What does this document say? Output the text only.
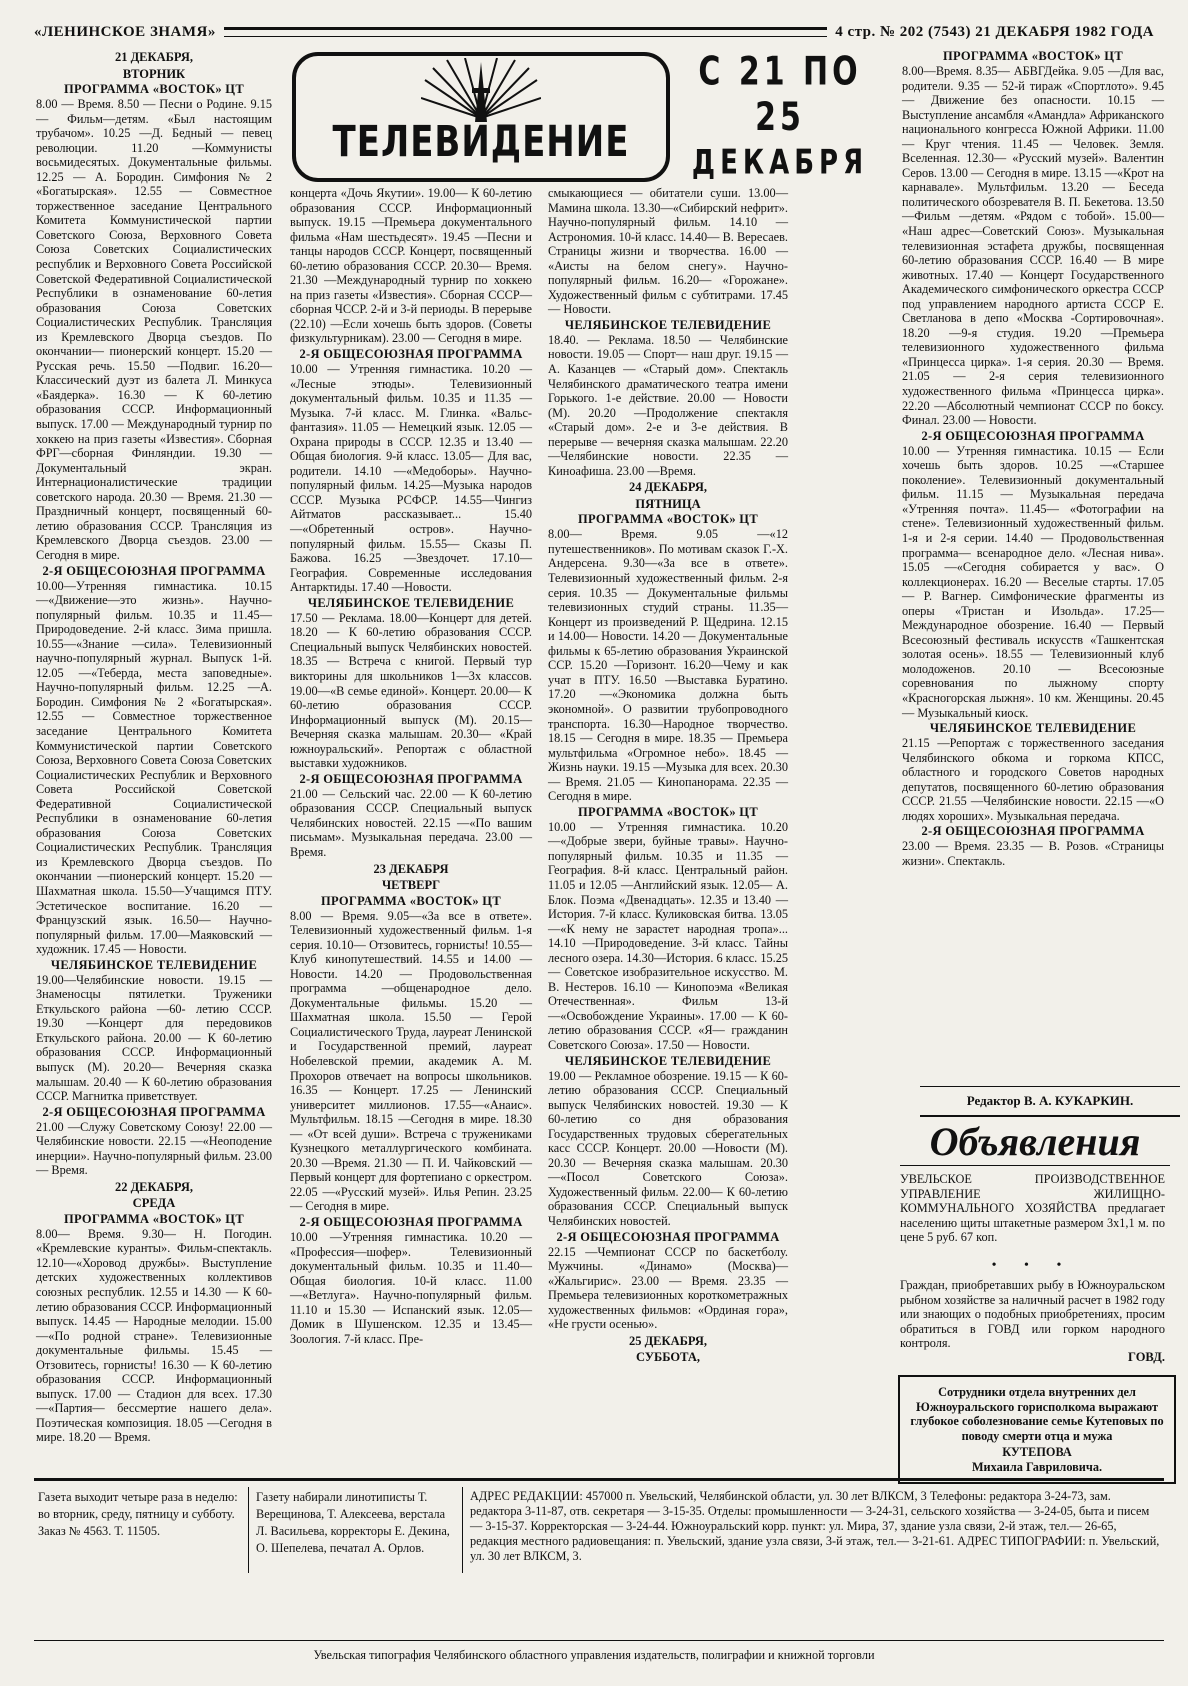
«ЛЕНИНСКОЕ ЗНАМЯ»	4 стр. № 202 (7543) 21 ДЕКАБРЯ 1982 ГОДА
ТЕЛЕВИДЕНИЕ
С 21 ПО 25
ДЕКАБРЯ
21 ДЕКАБРЯ,
ВТОРНИК
ПРОГРАММА «ВОСТОК» ЦТ

8.00 — Время. 8.50 — Песни о Родине. 9.15 — Фильм—детям. «Был настоящим трубачом». 10.25 —Д. Бедный — певец революции. 11.20 —Коммунисты восьмидесятых. Документальные фильмы. 12.25 — А. Бородин. Симфония № 2 «Богатырская». 12.55 — Совместное торжественное заседание Центрального Комитета Коммунистической партии Советского Союза, Верховного Совета Союза Советских Социалистических республик и Верховного Совета Российской Советской Федеративной Социалистической Республики в ознаменование 60-летия образования Союза Советских Социалистических Республик. Трансляция из Кремлевского Дворца съездов. По окончании— пионерский концерт. 15.20 —Русская речь. 15.50 —Подвиг. 16.20— Классический дуэт из балета Л. Минкуса «Баядерка». 16.30 — К 60-летию образования СССР. Информационный выпуск. 17.00 — Международный турнир по хоккею на приз газеты «Известия». Сборная ФРГ—сборная Финляндии. 19.30 —Документальный экран. Интернационалистические традиции советского народа. 20.30 — Время. 21.30 —Праздничный концерт, посвященный 60-летию образования СССР. Трансляция из Кремлевского Дворца съездов. 23.00 — Сегодня в мире.

2-Я ОБЩЕСОЮЗНАЯ ПРОГРАММА

10.00—Утренняя гимнастика. 10.15 —«Движение—это жизнь». Научно-популярный фильм. 10.35 и 11.45— Природоведение. 2-й класс. Зима пришла. 10.55—«Знание —сила». Телевизионный научно-популярный журнал. Выпуск 1-й. 12.05 —«Теберда, места заповедные». Научно-популярный фильм. 12.25 —А. Бородин. Симфония № 2 «Богатырская». 12.55 — Совместное торжественное заседание Центрального Комитета Коммунистической партии Советского Союза, Верховного Совета Союза Советских Социалистических Республик и Верховного Совета Российской Советской Федеративной Социалистической Республики в ознаменование 60-летия образования Союза Советских Социалистических Республик. Трансляция из Кремлевского Дворца съездов. По окончании —пионерский концерт. 15.20 —Шахматная школа. 15.50—Учащимся ПТУ. Эстетическое воспитание. 16.20 —Французский язык. 16.50— Научно-популярный фильм. 17.00—Маяковский —художник. 17.45 — Новости.

ЧЕЛЯБИНСКОЕ ТЕЛЕВИДЕНИЕ

19.00—Челябинские новости. 19.15 —Знаменосцы пятилетки. Труженики Еткульского района —60- летию СССР. 19.30 —Концерт для передовиков Еткульского района. 20.00 — К 60-летию образования СССР. Информационный выпуск (М). 20.20— Вечерняя сказка малышам. 20.40 — К 60-летию образования СССР. Магнитка приветствует.

2-Я ОБЩЕСОЮЗНАЯ ПРОГРАММА

21.00 —Служу Советскому Союзу! 22.00 —Челябинские новости. 22.15 —«Неоподение инерции». Научно-популярный фильм. 23.00 — Время.

22 ДЕКАБРЯ,
СРЕДА
ПРОГРАММА «ВОСТОК» ЦТ

8.00— Время. 9.30— Н. Погодин. «Кремлевские куранты». Фильм-спектакль. 12.10—«Хоровод дружбы». Выступление детских художественных коллективов союзных республик. 12.55 и 14.30 — К 60-летию образования СССР. Информационный выпуск. 14.45 — Народные мелодии. 15.00 —«По родной стране». Телевизионные документальные фильмы. 15.45 —Отзовитесь, горнисты! 16.30 — К 60-летию образования СССР. Информационный выпуск. 17.00 — Стадион для всех. 17.30—«Партия— бессмертие нашего дела». Поэтическая композиция. 18.05 —Сегодня в мире. 18.20 — Время.

концерта «Дочь Якутии». 19.00— К 60-летию образования СССР. Информационный выпуск. 19.15 —Премьера документального фильма «Нам шестьдесят». 19.45 —Песни и танцы народов СССР. Концерт, посвященный 60-летию образования СССР. 20.30— Время. 21.30 —Международный турнир по хоккею на приз газеты «Известия». Сборная СССР— сборная ЧССР. 2-й и 3-й периоды. В перерыве (22.10) —Если хочешь быть здоров. (Советы физкультурникам). 23.00 — Сегодня в мире.

2-Я ОБЩЕСОЮЗНАЯ ПРОГРАММА

10.00 — Утренняя гимнастика. 10.20 — «Лесные этюды». Телевизионный документальный фильм. 10.35 и 11.35 — Музыка. 7-й класс. М. Глинка. «Вальс-фантазия». 11.05 — Немецкий язык. 12.05 —Охрана природы в СССР. 12.35 и 13.40 — Общая биология. 9-й класс. 13.05— Для вас, родители. 14.10 —«Медоборы». Научно-популярный фильм. 14.25—Музыка народов СССР. Музыка РСФСР. 14.55—Чингиз Айтматов рассказывает... 15.40—«Обретенный остров». Научно-популярный фильм. 15.55— Сказы П. Бажова. 16.25 —Звездочет. 17.10— География. Современные исследования Антарктиды. 17.40 —Новости.

ЧЕЛЯБИНСКОЕ ТЕЛЕВИДЕНИЕ

17.50 — Реклама. 18.00—Концерт для детей. 18.20 — К 60-летию образования СССР. Специальный выпуск Челябинских новостей. 18.35 — Встреча с книгой. Первый тур викторины для школьников 1—3х классов. 19.00—«В семье единой». Концерт. 20.00— К 60-летию образования СССР. Информационный выпуск (М). 20.15—Вечерняя сказка малышам. 20.30— «Край южноуральский». Репортаж с областной выставки художников.

2-Я ОБЩЕСОЮЗНАЯ ПРОГРАММА

21.00 — Сельский час. 22.00 — К 60-летию образования СССР. Специальный выпуск Челябинских новостей. 22.15 —«По вашим письмам». Музыкальная передача. 23.00 —Время.

23 ДЕКАБРЯ
ЧЕТВЕРГ
ПРОГРАММА «ВОСТОК» ЦТ

8.00 — Время. 9.05—«За все в ответе». Телевизионный художественный фильм. 1-я серия. 10.10— Отзовитесь, горнисты! 10.55—Клуб кинопутешествий. 14.55 и 14.00 — Новости. 14.20 — Продовольственная программа —общенародное дело. Документальные фильмы. 15.20 — Шахматная школа. 15.50 — Герой Социалистического Труда, лауреат Ленинской и Государственной премий, лауреат Нобелевской премии, академик А. М. Прохоров отвечает на вопросы школьников. 16.35 — Концерт. 17.25 — Ленинский университет миллионов. 17.55—«Анаис». Мультфильм. 18.15 —Сегодня в мире. 18.30— «От всей души». Встреча с тружениками Кузнецкого металлургического комбината. 20.30 —Время. 21.30 — П. И. Чайковский —Первый концерт для фортепиано с оркестром. 22.05 —«Русский музей». Илья Репин. 23.25 — Сегодня в мире.

2-Я ОБЩЕСОЮЗНАЯ ПРОГРАММА

10.00 —Утренняя гимнастика. 10.20 — «Профессия—шофер». Телевизионный документальный фильм. 10.35 и 11.40— Общая биология. 10-й класс. 11.00—«Ветлуга». Научно-популярный фильм. 11.10 и 15.30 — Испанский язык. 12.05—Домик в Шушенском. 12.35 и 13.45—Зоология. 7-й класс. Пре-

смыкающиеся — обитатели суши. 13.00—Мамина школа. 13.30—«Сибирский нефрит». Научно-популярный фильм. 14.10 —Астрономия. 10-й класс. 14.40— В. Вересаев. Страницы жизни и творчества. 16.00 — «Аисты на белом снегу». Научно-популярный фильм. 16.20— «Горожане». Художественный фильм с субтитрами. 17.45 — Новости.

ЧЕЛЯБИНСКОЕ ТЕЛЕВИДЕНИЕ

18.40. — Реклама. 18.50 — Челябинские новости. 19.05 — Спорт— наш друг. 19.15 —А. Казанцев — «Старый дом». Спектакль Челябинского драматического театра имени Горького. 1-е действие. 20.00 — Новости (М). 20.20 —Продолжение спектакля «Старый дом». 2-е и 3-е действия. В перерыве — вечерняя сказка малышам. 22.20 —Челябинские новости. 22.35 — Киноафиша. 23.00 —Время.

24 ДЕКАБРЯ,
ПЯТНИЦА
ПРОГРАММА «ВОСТОК» ЦТ

8.00— Время. 9.05 —«12 путешественников». По мотивам сказок Г.-Х. Андерсена. 9.30—«За все в ответе». Телевизионный художественный фильм. 2-я серия. 10.35 — Документальные фильмы телевизионных студий страны. 11.35— Концерт из произведений Р. Щедрина. 12.15 и 14.00— Новости. 14.20 — Документальные фильмы к 65-летию образования Украинской ССР. 15.20 —Горизонт. 16.20—Чему и как учат в ПТУ. 16.50 —Выставка Буратино. 17.20 —«Экономика должна быть экономной». О развитии трубопроводного транспорта. 16.30—Народное творчество. 18.15 — Сегодня в мире. 18.35 — Премьера мультфильма «Огромное небо». 18.45 — Жизнь науки. 19.15 —Музыка для всех. 20.30— Время. 21.05 — Кинопанорама. 22.35 — Сегодня в мире.

ПРОГРАММА «ВОСТОК» ЦТ

10.00 — Утренняя гимнастика. 10.20 —«Добрые звери, буйные травы». Научно-популярный фильм. 10.35 и 11.35 — География. 8-й класс. Центральный район. 11.05 и 12.05 —Английский язык. 12.05— А. Блок. Поэма «Двенадцать». 12.35 и 13.40 —История. 7-й класс. Куликовская битва. 13.05—«К нему не зарастет народная тропа»... 14.10 —Природоведение. 3-й класс. Тайны лесного озера. 14.30—История. 6 класс. 15.25— Советское изобразительное искусство. М. В. Нестеров. 16.10 — Кинопоэма «Великая Отечественная». Фильм 13-й —«Освобождение Украины». 17.00 — К 60-летию образования СССР. «Я— гражданин Советского Союза». 17.50 — Новости.

ЧЕЛЯБИНСКОЕ ТЕЛЕВИДЕНИЕ

19.00 — Рекламное обозрение. 19.15 — К 60-летию образования СССР. Специальный выпуск Челябинских новостей. 19.30 — К 60-летию со дня образования Государственных трудовых сберегательных касс СССР. Концерт. 20.00 —Новости (М). 20.30 — Вечерняя сказка малышам. 20.30 —«Посол Советского Союза». Художественный фильм. 22.00— К 60-летию образования СССР. Специальный выпуск Челябинских новостей.

2-Я ОБЩЕСОЮЗНАЯ ПРОГРАММА

22.15 —Чемпионат СССР по баскетболу. Мужчины. «Динамо» (Москва)— «Жальгирис». 23.00 — Время. 23.35 — Премьера телевизионных короткометражных художественных фильмов: «Ординая гора», «Не грусти осенью».

25 ДЕКАБРЯ,
СУББОТА,
ПРОГРАММА «ВОСТОК» ЦТ

8.00—Время. 8.35— АБВГДейка. 9.05 —Для вас, родители. 9.35 — 52-й тираж «Спортлото». 9.45 — Движение без опасности. 10.15 — Выступление ансамбля «Амандла» Африканского национального конгресса Южной Африки. 11.00 — Круг чтения. 11.45 — Человек. Земля. Вселенная. 12.30— «Русский музей». Валентин Серов. 13.00 — Сегодня в мире. 13.15 —«Крот на карнавале». Мультфильм. 13.20 — Беседа политического обозревателя В. П. Бекетова. 13.50—Фильм —детям. «Рядом с тобой». 15.00— «Наш адрес—Советский Союз». Музыкальная телевизионная эстафета дружбы, посвященная 60-летию образования СССР. 16.40 — В мире животных. 17.40 — Концерт Государственного Академического симфонического оркестра СССР под управлением народного артиста СССР Е. Светланова в депо «Москва -Сортировочная». 18.20 —9-я студия. 19.20 —Премьера телевизионного художественного фильма «Принцесса цирка». 1-я серия. 20.30 — Время. 21.05 — 2-я серия телевизионного художественного фильма «Принцесса цирка». 22.20 —Абсолютный чемпионат СССР по боксу. Финал. 23.00 — Новости.

2-Я ОБЩЕСОЮЗНАЯ ПРОГРАММА

10.00 — Утренняя гимнастика. 10.15 — Если хочешь быть здоров. 10.25 —«Старшее поколение». Телевизионный документальный фильм. 11.15 — Музыкальная передача «Утренняя почта». 11.45— «Фотографии на стене». Телевизионный художественный фильм. 1-я и 2-я серии. 14.40 — Продовольственная программа— всенародное дело. «Лесная нива». 15.05 —«Сегодня собирается у вас». О коллекционерах. 16.20 — Веселые старты. 17.05— Р. Вагнер. Симфонические фрагменты из оперы «Тристан и Изольда». 17.25— Международное обозрение. 16.40 — Первый Всесоюзный фестиваль искусств «Ташкентская золотая осень». 18.55 — Телевизионный клуб молодоженов. 20.10 — Всесоюзные соревнования по лыжному спорту «Красногорская лыжня». 10 км. Женщины. 20.45 — Музыкальный киоск.

ЧЕЛЯБИНСКОЕ ТЕЛЕВИДЕНИЕ

21.15 —Репортаж с торжественного заседания Челябинского обкома и горкома КПСС, областного и городского Советов народных депутатов, посвященного 60-летию образования СССР. 21.55 —Челябинские новости. 22.15 —«О людях хороших». Музыкальная передача.

2-Я ОБЩЕСОЮЗНАЯ ПРОГРАММА

23.00 — Время. 23.35 — В. Розов. «Страницы жизни». Спектакль.

Редактор В. А. КУКАРКИН.
Объявления
УВЕЛЬСКОЕ ПРОИЗВОДСТВЕННОЕ УПРАВЛЕНИЕ ЖИЛИЩНО-КОММУНАЛЬНОГО ХОЗЯЙСТВА предлагает населению щиты штакетные размером 3х1,1 м. по цене 5 руб. 67 коп.
• • •
Граждан, приобретавших рыбу в Южноуральском рыбном хозяйстве за наличный расчет в 1982 году или знающих о подобных приобретениях, просим обратиться в ГОВД или горком народного контроля.
ГОВД.
Сотрудники отдела внутренних дел Южноуральского горисполкома выражают глубокое соболезнование семье Кутеповых по поводу смерти отца и мужа
КУТЕПОВА
Михаила Гавриловича.
Газета выходит четыре раза в неделю: во вторник, среду, пятницу и субботу. Заказ № 4563. Т. 11505.
Газету набирали линотиписты Т. Верещинова, Т. Алексеева, верстала Л. Васильева, корректоры Е. Декина, О. Шепелева, печатал А. Орлов.
АДРЕС РЕДАКЦИИ: 457000 п. Увельский, Челябинской области, ул. 30 лет ВЛКСМ, 3 Телефоны: редактора 3-24-73, зам. редактора 3-11-87, отв. секретаря — 3-15-35. Отделы: промышленности — 3-24-31, сельского хозяйства — 3-24-05, быта и писем — 3-15-37. Корректорская — 3-24-44. Южноуральский корр. пункт: ул. Мира, 37, здание узла связи, 2-й этаж, тел.— 26-65, редакция местного радиовещания: п. Увельский, здание узла связи, 3-й этаж, тел.— 3-21-61. АДРЕС ТИПОГРАФИИ: п. Увельский, ул. 30 лет ВЛКСМ, 3.
Увельская типография Челябинского областного управления издательств, полиграфии и книжной торговли
